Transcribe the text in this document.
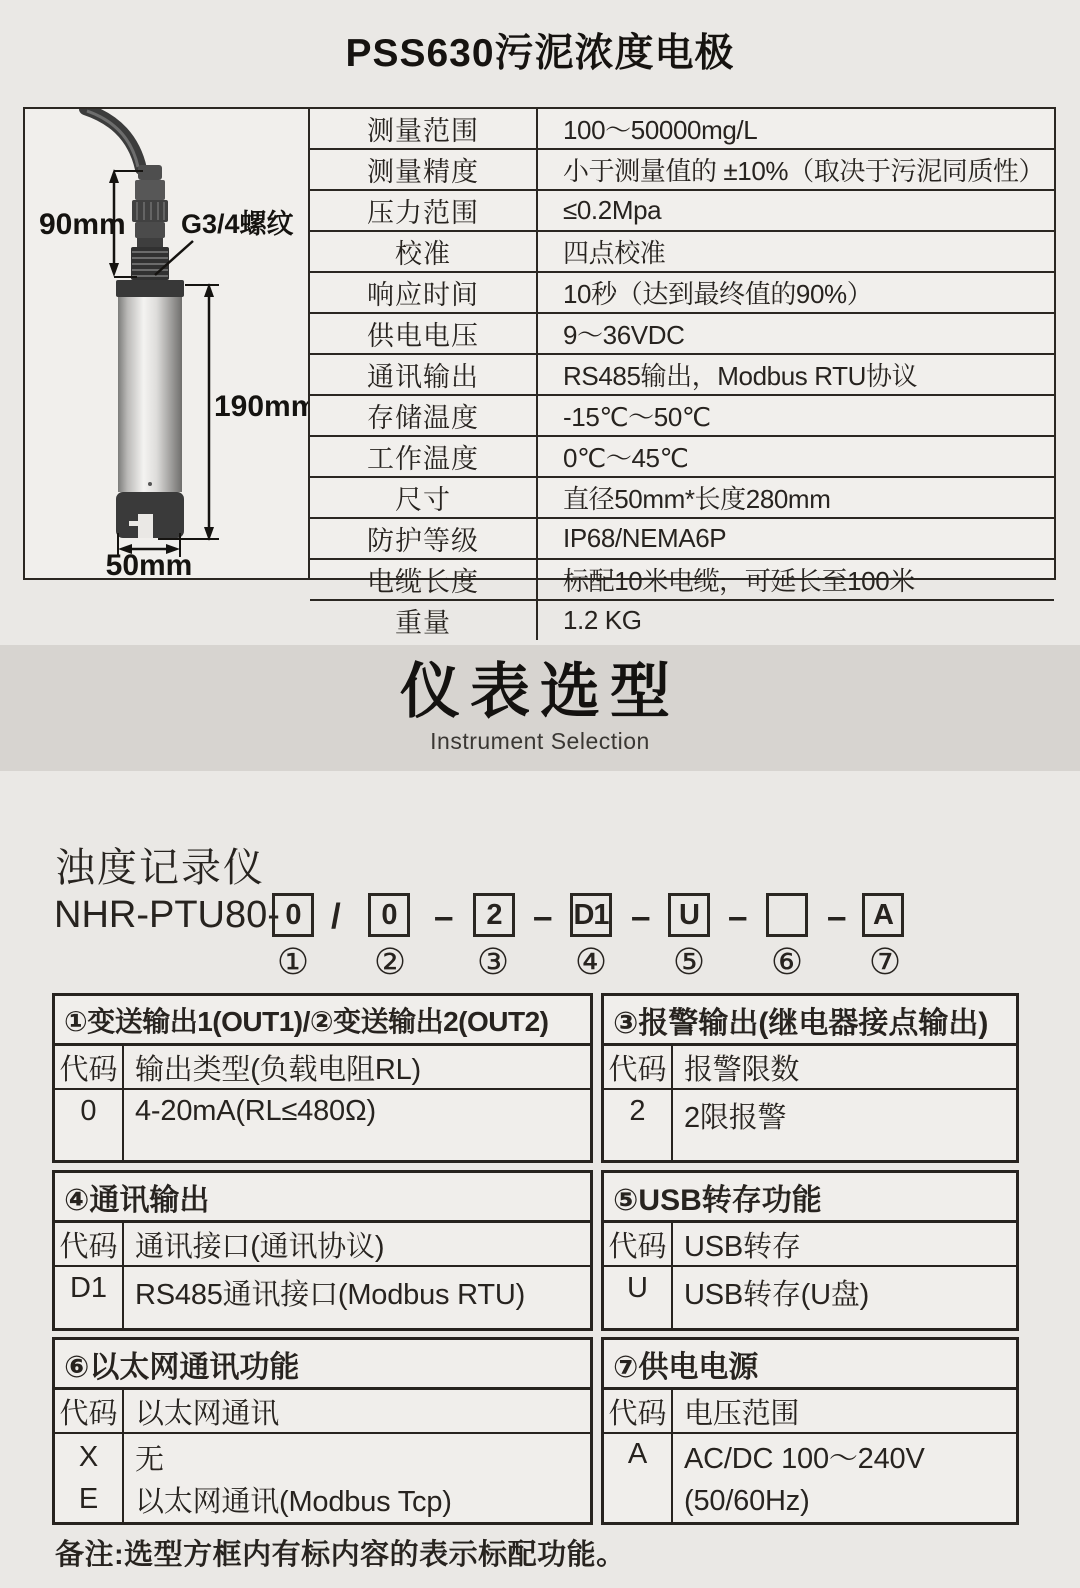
PSS630污泥浓度电极
90mm G3/4螺纹
190mm
50mm
测量范围	100～50000mg/L
测量精度	小于测量值的 ±10%（取决于污泥同质性）
压力范围	≤0.2Mpa
校准	四点校准
响应时间	10秒（达到最终值的90%）
供电电压	9～36VDC
通讯输出	RS485输出，Modbus RTU协议
存储温度	-15℃～50℃
工作温度	0℃～45℃
尺寸	直径50mm*长度280mm
防护等级	IP68/NEMA6P
电缆长度	标配10米电缆，可延长至100米
重量	1.2 KG
仪表选型
Instrument Selection
浊度记录仪
NHR-PTU80- 0 /	0	–	2 – D1 – U – – A
① ② ③ ④ ⑤ ⑥ ⑦
①变送输出1(OUT1)/②变送输出2(OUT2)
代码 输出类型(负载电阻RL)
0	4-20mA(RL≤480Ω)
③报警输出(继电器接点输出)
代码 报警限数
2	2限报警
④通讯输出
代码 通讯接口(通讯协议)
D1 RS485通讯接口(Modbus RTU)
⑤USB转存功能
代码 USB转存
U	USB转存(U盘)
⑥以太网通讯功能
代码 以太网通讯
X	无
E	以太网通讯(Modbus Tcp)
⑦供电电源
代码 电压范围
A	AC/DC 100～240V (50/60Hz)
备注:选型方框内有标内容的表示标配功能。
